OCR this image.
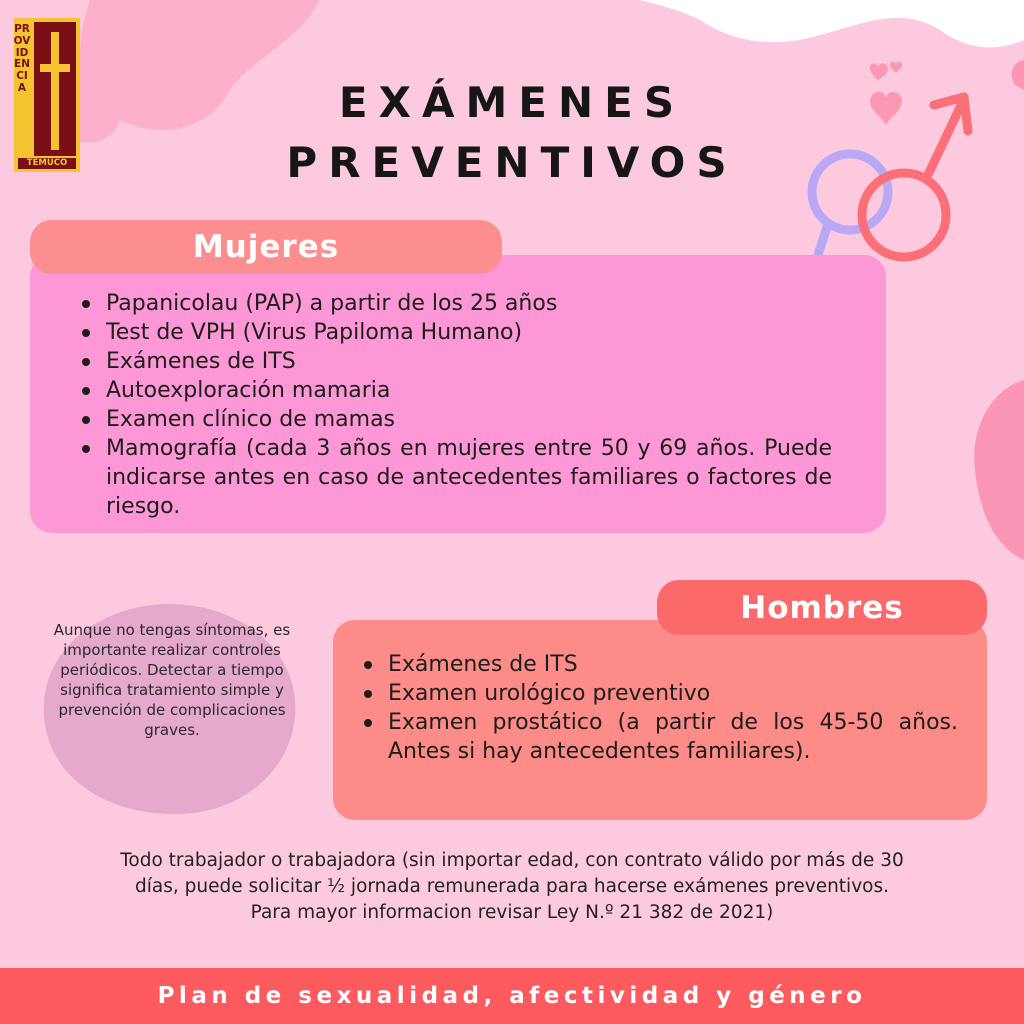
PROVIDENCIA
TEMUCO
EXÁMENES
PREVENTIVOS
Mujeres
Papanicolau (PAP) a partir de los 25 años
Test de VPH (Virus Papiloma Humano)
Exámenes de ITS
Autoexploración mamaria
Examen clínico de mamas
Mamografía (cada 3 años en mujeres entre 50 y 69 años. Puede indicarse antes en caso de antecedentes familiares o factores de riesgo.
Aunque no tengas síntomas, es importante realizar controles periódicos. Detectar a tiempo significa tratamiento simple y prevención de complicaciones graves.
Hombres
Exámenes de ITS
Examen urológico preventivo
Examen prostático (a partir de los 45-50 años. Antes si hay antecedentes familiares).
Todo trabajador o trabajadora (sin importar edad, con contrato válido por más de 30
días, puede solicitar ½ jornada remunerada para hacerse exámenes preventivos.
Para mayor informacion revisar Ley N.º 21 382 de 2021)
Plan de sexualidad, afectividad y género
